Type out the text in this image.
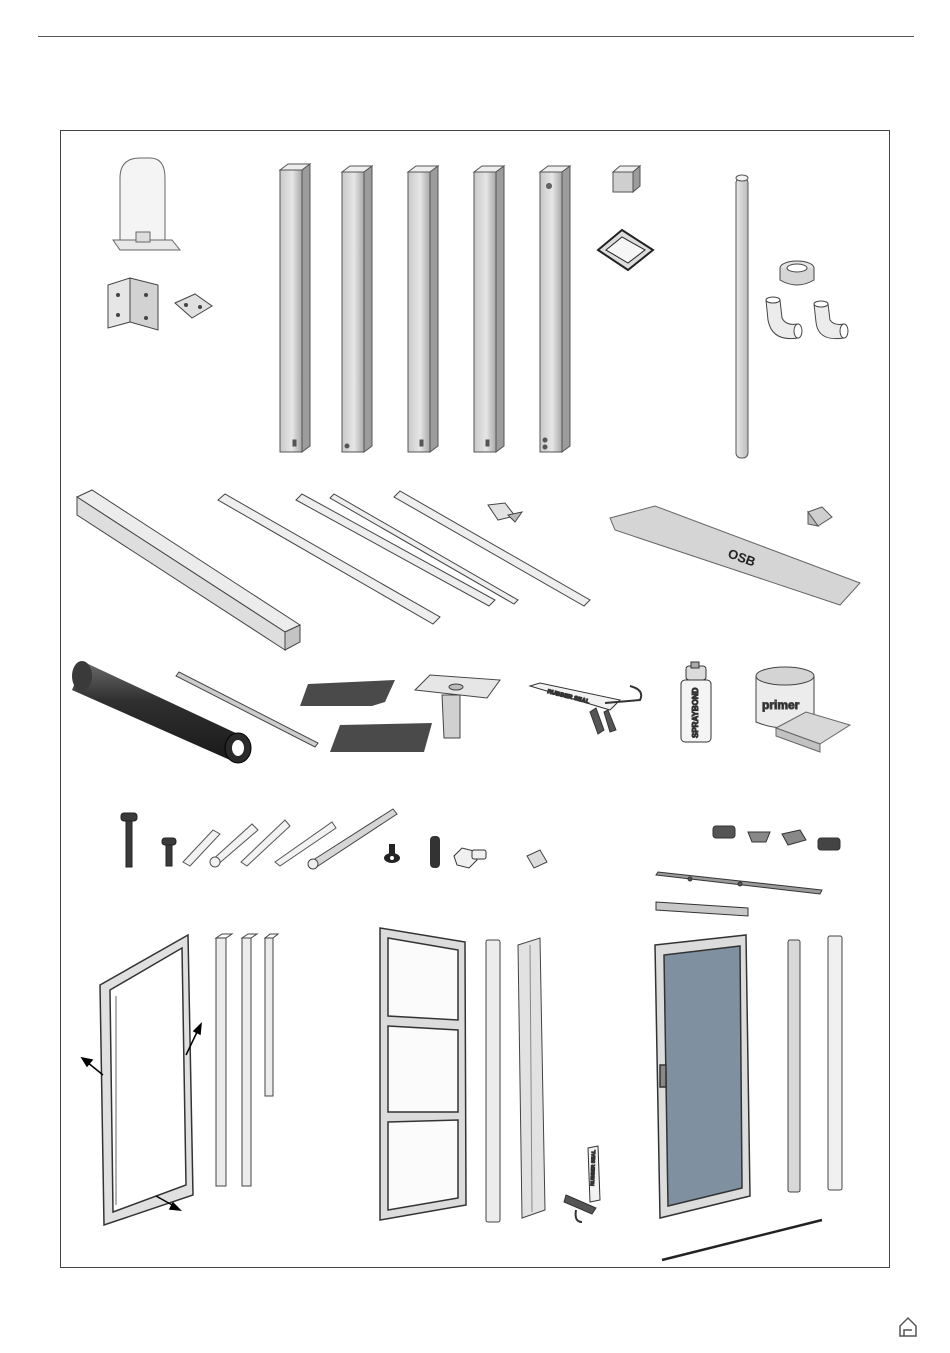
OSB
RUBBER SEAL	SPRAYBOND	primer
RUBBER SEAL
